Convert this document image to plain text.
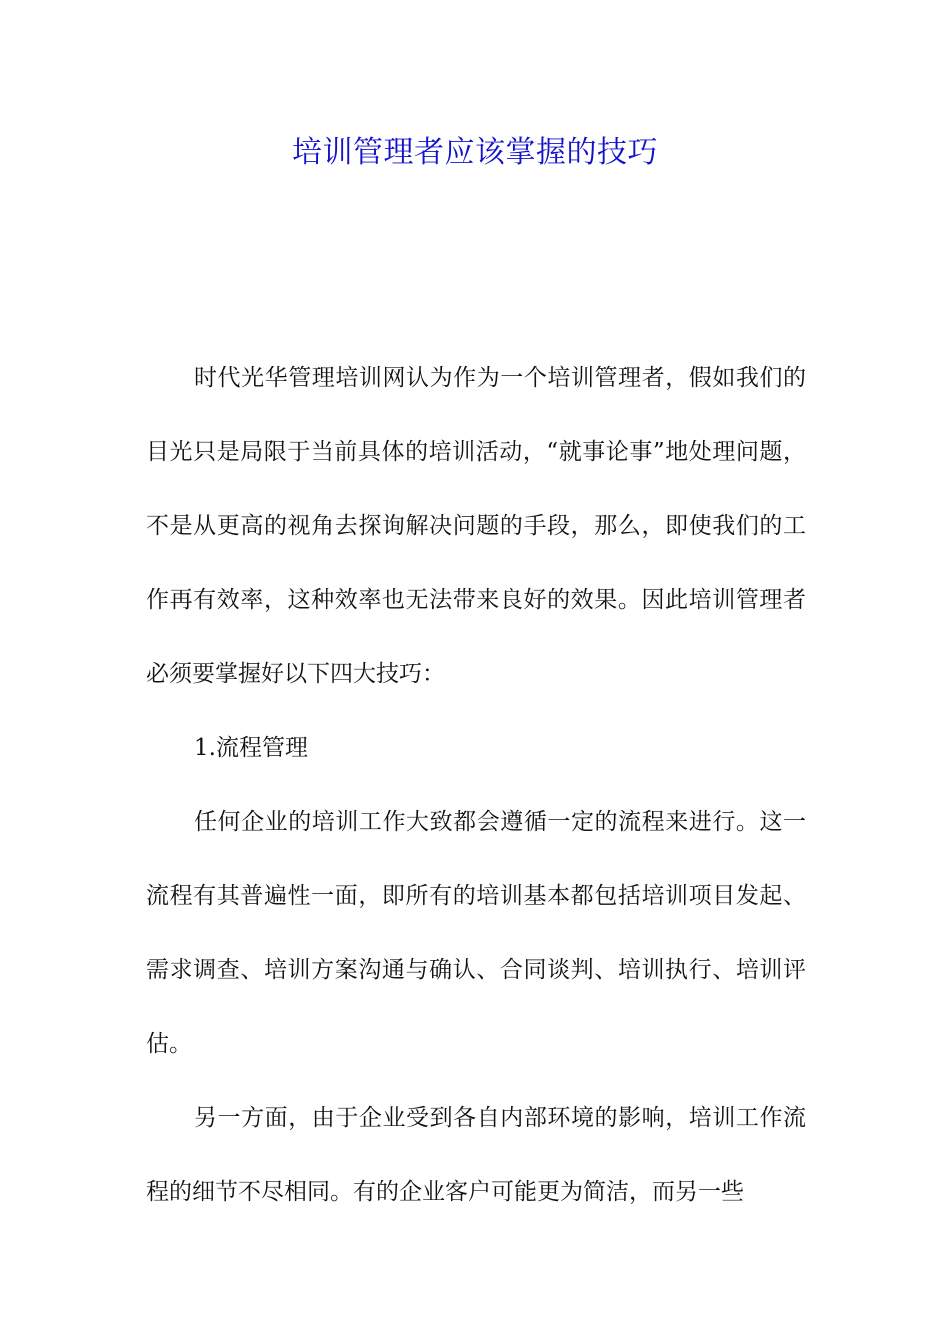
培训管理者应该掌握的技巧

时代光华管理培训网认为作为一个培训管理者，假如我们的目光只是局限于当前具体的培训活动，“就事论事”地处理问题，不是从更高的视角去探询解决问题的手段，那么，即使我们的工作再有效率，这种效率也无法带来良好的效果。因此培训管理者必须要掌握好以下四大技巧：

1.流程管理

任何企业的培训工作大致都会遵循一定的流程来进行。这一流程有其普遍性一面，即所有的培训基本都包括培训项目发起、需求调查、培训方案沟通与确认、合同谈判、培训执行、培训评估。

另一方面，由于企业受到各自内部环境的影响，培训工作流程的细节不尽相同。有的企业客户可能更为简洁，而另一些
